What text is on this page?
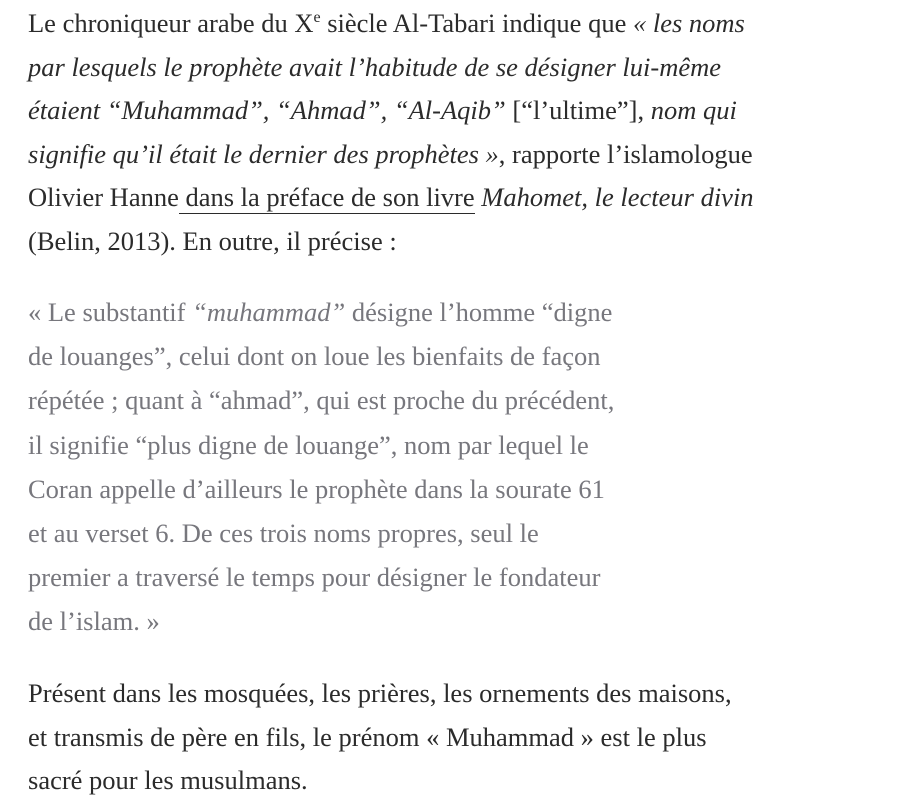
Le chroniqueur arabe du Xe siècle Al-Tabari indique que « les noms
par lesquels le prophète avait l’habitude de se désigner lui-même
étaient “Muhammad”, “Ahmad”, “Al-Aqib” [“l’ultime”], nom qui
signifie qu’il était le dernier des prophètes », rapporte l’islamologue
Olivier Hanne dans la préface de son livre Mahomet, le lecteur divin
(Belin, 2013). En outre, il précise :

« Le substantif “muhammad” désigne l’homme “digne
de louanges”, celui dont on loue les bienfaits de façon
répétée ; quant à “ahmad”, qui est proche du précédent,
il signifie “plus digne de louange”, nom par lequel le
Coran appelle d’ailleurs le prophète dans la sourate 61
et au verset 6. De ces trois noms propres, seul le
premier a traversé le temps pour désigner le fondateur
de l’islam. »

Présent dans les mosquées, les prières, les ornements des maisons,
et transmis de père en fils, le prénom « Muhammad » est le plus
sacré pour les musulmans.
